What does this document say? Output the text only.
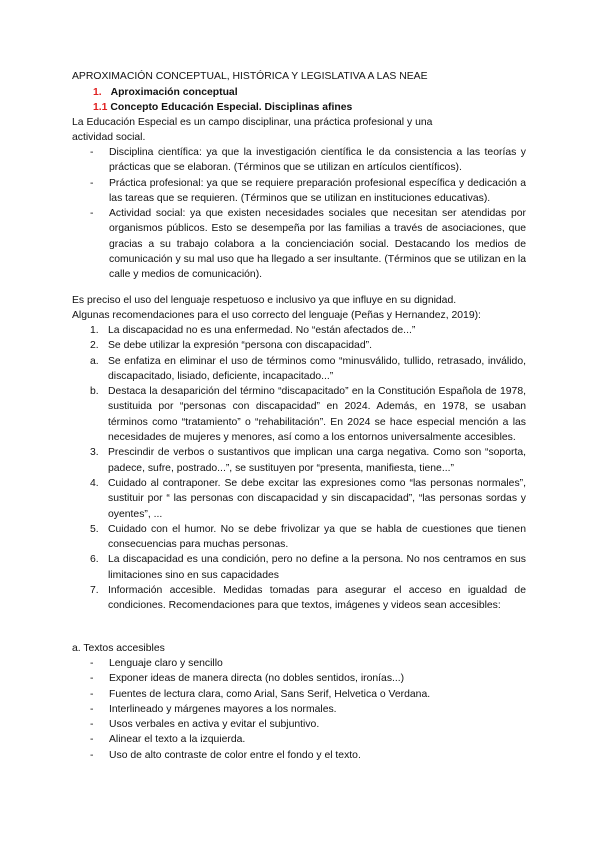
APROXIMACIÓN CONCEPTUAL, HISTÓRICA Y LEGISLATIVA A LAS NEAE
1. Aproximación conceptual
1.1 Concepto Educación Especial. Disciplinas afines
La Educación Especial es un campo disciplinar, una práctica profesional y una actividad social.
- Disciplina científica: ya que la investigación científica le da consistencia a las teorías y prácticas que se elaboran. (Términos que se utilizan en artículos científicos).
- Práctica profesional: ya que se requiere preparación profesional específica y dedicación a las tareas que se requieren. (Términos que se utilizan en instituciones educativas).
- Actividad social: ya que existen necesidades sociales que necesitan ser atendidas por organismos públicos. Esto se desempeña por las familias a través de asociaciones, que gracias a su trabajo colabora a la concienciación social. Destacando los medios de comunicación y su mal uso que ha llegado a ser insultante. (Términos que se utilizan en la calle y medios de comunicación).
Es preciso el uso del lenguaje respetuoso e inclusivo ya que influye en su dignidad.
Algunas recomendaciones para el uso correcto del lenguaje (Peñas y Hernandez, 2019):
1. La discapacidad no es una enfermedad. No “están afectados de...”
2. Se debe utilizar la expresión “persona con discapacidad”.
a. Se enfatiza en eliminar el uso de términos como “minusválido, tullido, retrasado, inválido, discapacitado, lisiado, deficiente, incapacitado...”
b. Destaca la desaparición del término “discapacitado” en la Constitución Española de 1978, sustituida por “personas con discapacidad” en 2024. Además, en 1978, se usaban términos como “tratamiento” o “rehabilitación”. En 2024 se hace especial mención a las necesidades de mujeres y menores, así como a los entornos universalmente accesibles.
3. Prescindir de verbos o sustantivos que implican una carga negativa. Como son “soporta, padece, sufre, postrado...”, se sustituyen por “presenta, manifiesta, tiene...”
4. Cuidado al contraponer. Se debe excitar las expresiones como “las personas normales”, sustituir por “ las personas con discapacidad y sin discapacidad”, “las personas sordas y oyentes”, ...
5. Cuidado con el humor. No se debe frivolizar ya que se habla de cuestiones que tienen consecuencias para muchas personas.
6. La discapacidad es una condición, pero no define a la persona. No nos centramos en sus limitaciones sino en sus capacidades
7. Información accesible. Medidas tomadas para asegurar el acceso en igualdad de condiciones. Recomendaciones para que textos, imágenes y videos sean accesibles:
a. Textos accesibles
- Lenguaje claro y sencillo
- Exponer ideas de manera directa (no dobles sentidos, ironías...)
- Fuentes de lectura clara, como Arial, Sans Serif, Helvetica o Verdana.
- Interlineado y márgenes mayores a los normales.
- Usos verbales en activa y evitar el subjuntivo.
- Alinear el texto a la izquierda.
- Uso de alto contraste de color entre el fondo y el texto.
